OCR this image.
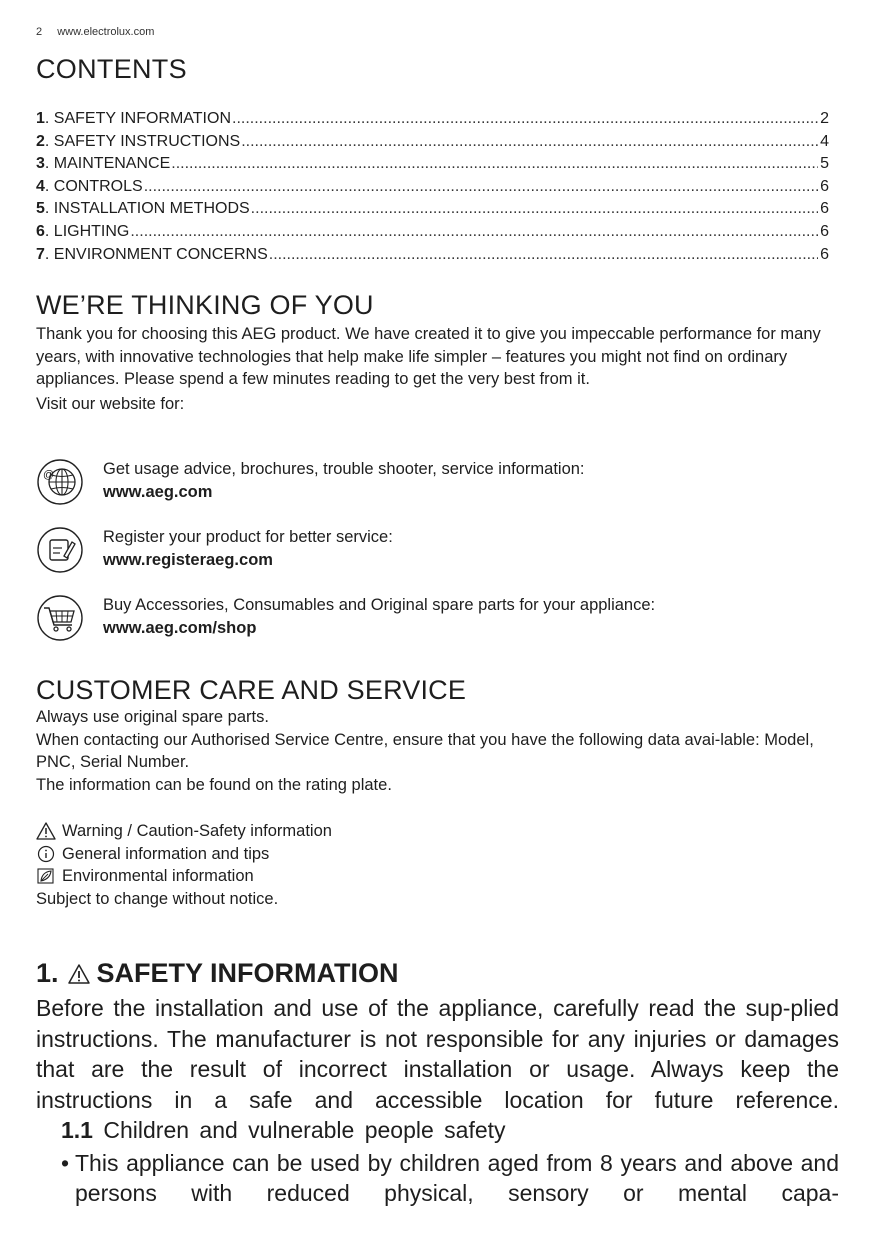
2 www.electrolux.com
CONTENTS
1 . SAFETY INFORMATION .....	2
2 . SAFETY INSTRUCTIONS .....	4
3 . MAINTENANCE .....	5
4 . CONTROLS .....	6
5 . INSTALLATION METHODS .....	6
6 . LIGHTING .....	6
7 . ENVIRONMENT CONCERNS .....	6
WE’RE THINKING OF YOU

Thank you for choosing this AEG product. We have created it to give you impeccable performance for many years, with innovative technologies that help make life simpler – features you might not find on ordinary appliances. Please spend a few minutes reading to get the very best from it.

Visit our website for:

@	Get usage advice, brochures, trouble shooter, service information:
www.aeg.com
Register your product for better service:
www.registeraeg.com
Buy Accessories, Consumables and Original spare parts for your appliance:
www.aeg.com/shop
CUSTOMER CARE AND SERVICE

Always use original spare parts.

When contacting our Authorised Service Centre, ensure that you have the following data avai-lable: Model, PNC, Serial Number.

The information can be found on the rating plate.

Warning / Caution-Safety information
General information and tips
Environmental information
Subject to change without notice.
1. SAFETY INFORMATION

Before the installation and use of the appliance, carefully read the sup-plied instructions. The manufacturer is not responsible for any injuries or damages that are the result of incorrect installation or usage. Always keep the instructions in a safe and accessible location for future reference.

1.1 Children and vulnerable people safety
• This appliance can be used by children aged from 8 years and above and persons with reduced physical, sensory or mental capa-
